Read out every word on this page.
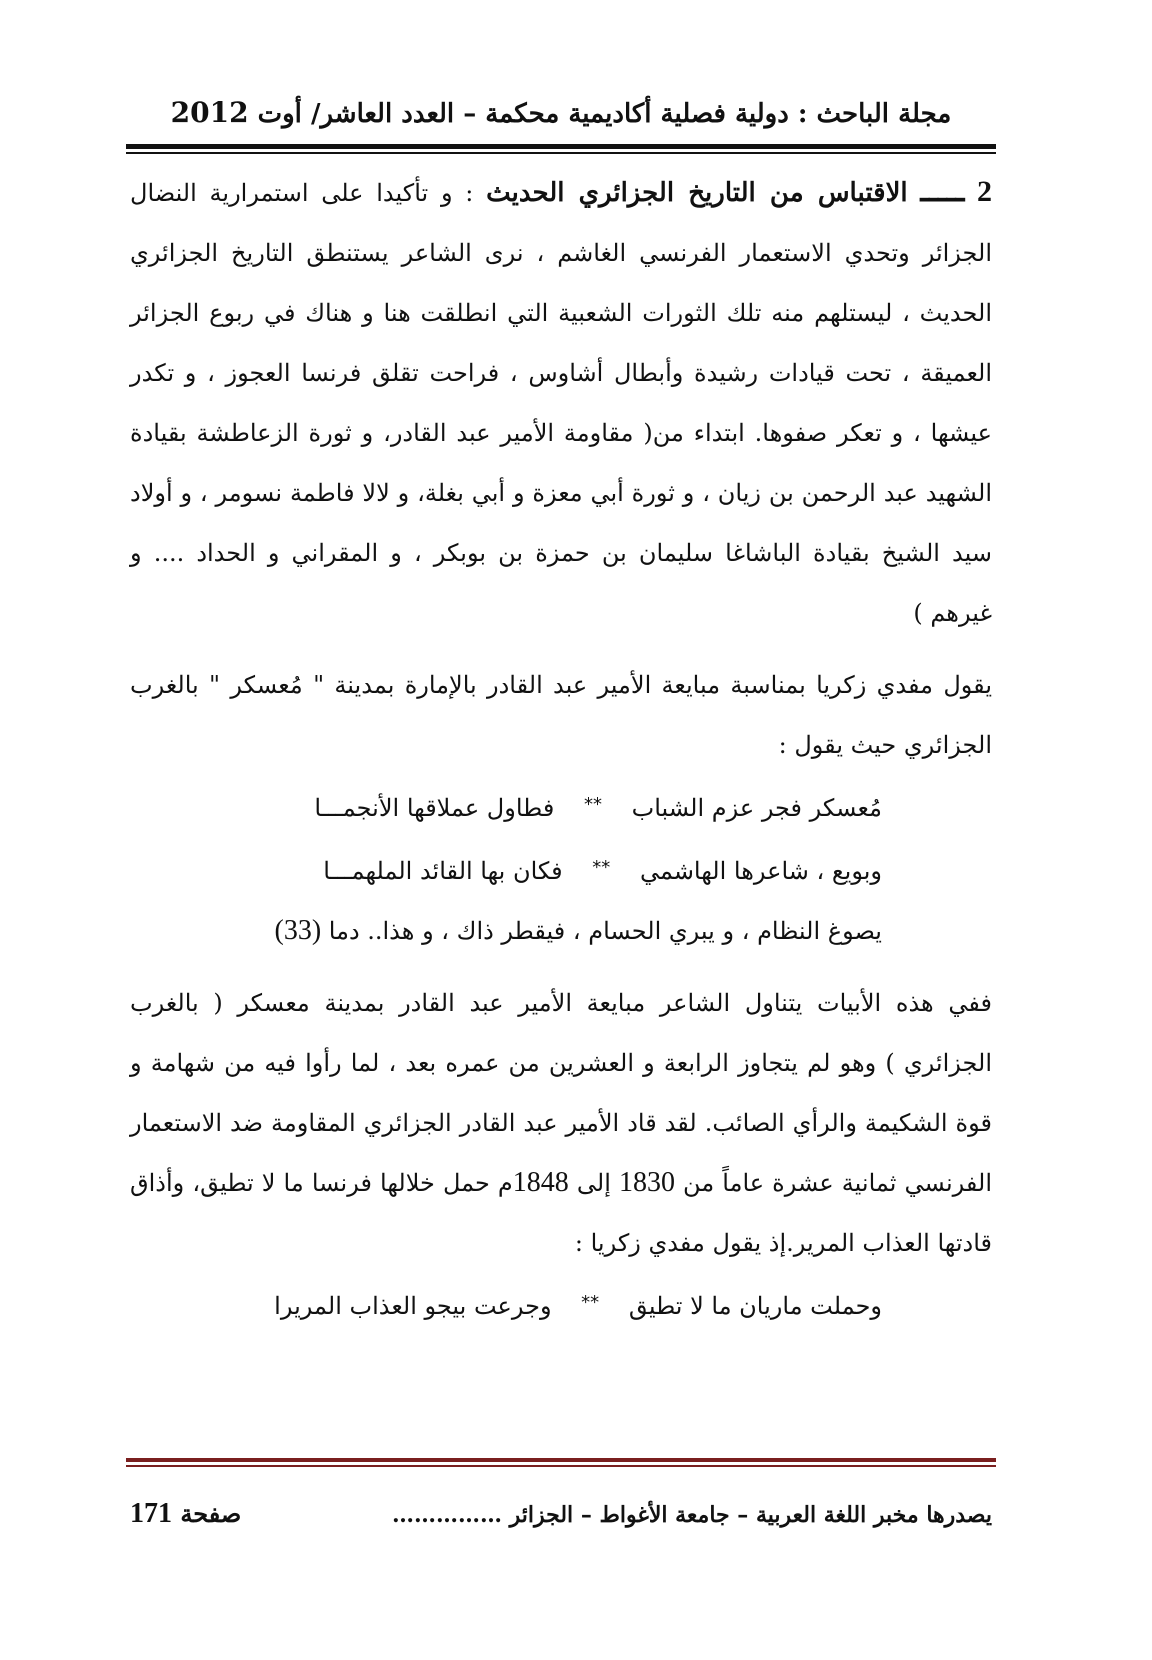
مجلة الباحث : دولية فصلية أكاديمية محكمة – العدد العاشر/ أوت 2012

2 ـــــ الاقتباس من التاريخ الجزائري الحديث : و تأكيدا على استمرارية النضال الجزائر وتحدي الاستعمار الفرنسي الغاشم ، نرى الشاعر يستنطق التاريخ الجزائري الحديث ، ليستلهم منه تلك الثورات الشعبية التي انطلقت هنا و هناك في ربوع الجزائر العميقة ، تحت قيادات رشيدة وأبطال أشاوس ، فراحت تقلق فرنسا العجوز ، و تكدر عيشها ، و تعكر صفوها. ابتداء من( مقاومة الأمير عبد القادر، و ثورة الزعاطشة بقيادة الشهيد عبد الرحمن بن زيان ، و ثورة أبي معزة و أبي بغلة، و لالا فاطمة نسومر ، و أولاد سيد الشيخ بقيادة الباشاغا سليمان بن حمزة بن بوبكر ، و المقراني و الحداد .... و غيرهم )

يقول مفدي زكريا بمناسبة مبايعة الأمير عبد القادر بالإمارة بمدينة " مُعسكر " بالغرب الجزائري حيث يقول :

مُعسكر فجر عزم الشباب ** فطاول عملاقها الأنجمـــا

وبويع ، شاعرها الهاشمي ** فكان بها القائد الملهمـــا

يصوغ النظام ، و يبري الحسام ، فيقطر ذاك ، و هذا.. دما (33)

ففي هذه الأبيات يتناول الشاعر مبايعة الأمير عبد القادر بمدينة معسكر ( بالغرب الجزائري ) وهو لم يتجاوز الرابعة و العشرين من عمره بعد ، لما رأوا فيه من شهامة و قوة الشكيمة والرأي الصائب. لقد قاد الأمير عبد القادر الجزائري المقاومة ضد الاستعمار الفرنسي ثمانية عشرة عاماً من 1830 إلى 1848م حمل خلالها فرنسا ما لا تطيق، وأذاق قادتها العذاب المرير.إذ يقول مفدي زكريا :

وحملت ماريان ما لا تطيق ** وجرعت بيجو العذاب المريرا

يصدرها مخبر اللغة العربية – جامعة الأغواط – الجزائر ……………
صفحة 171
